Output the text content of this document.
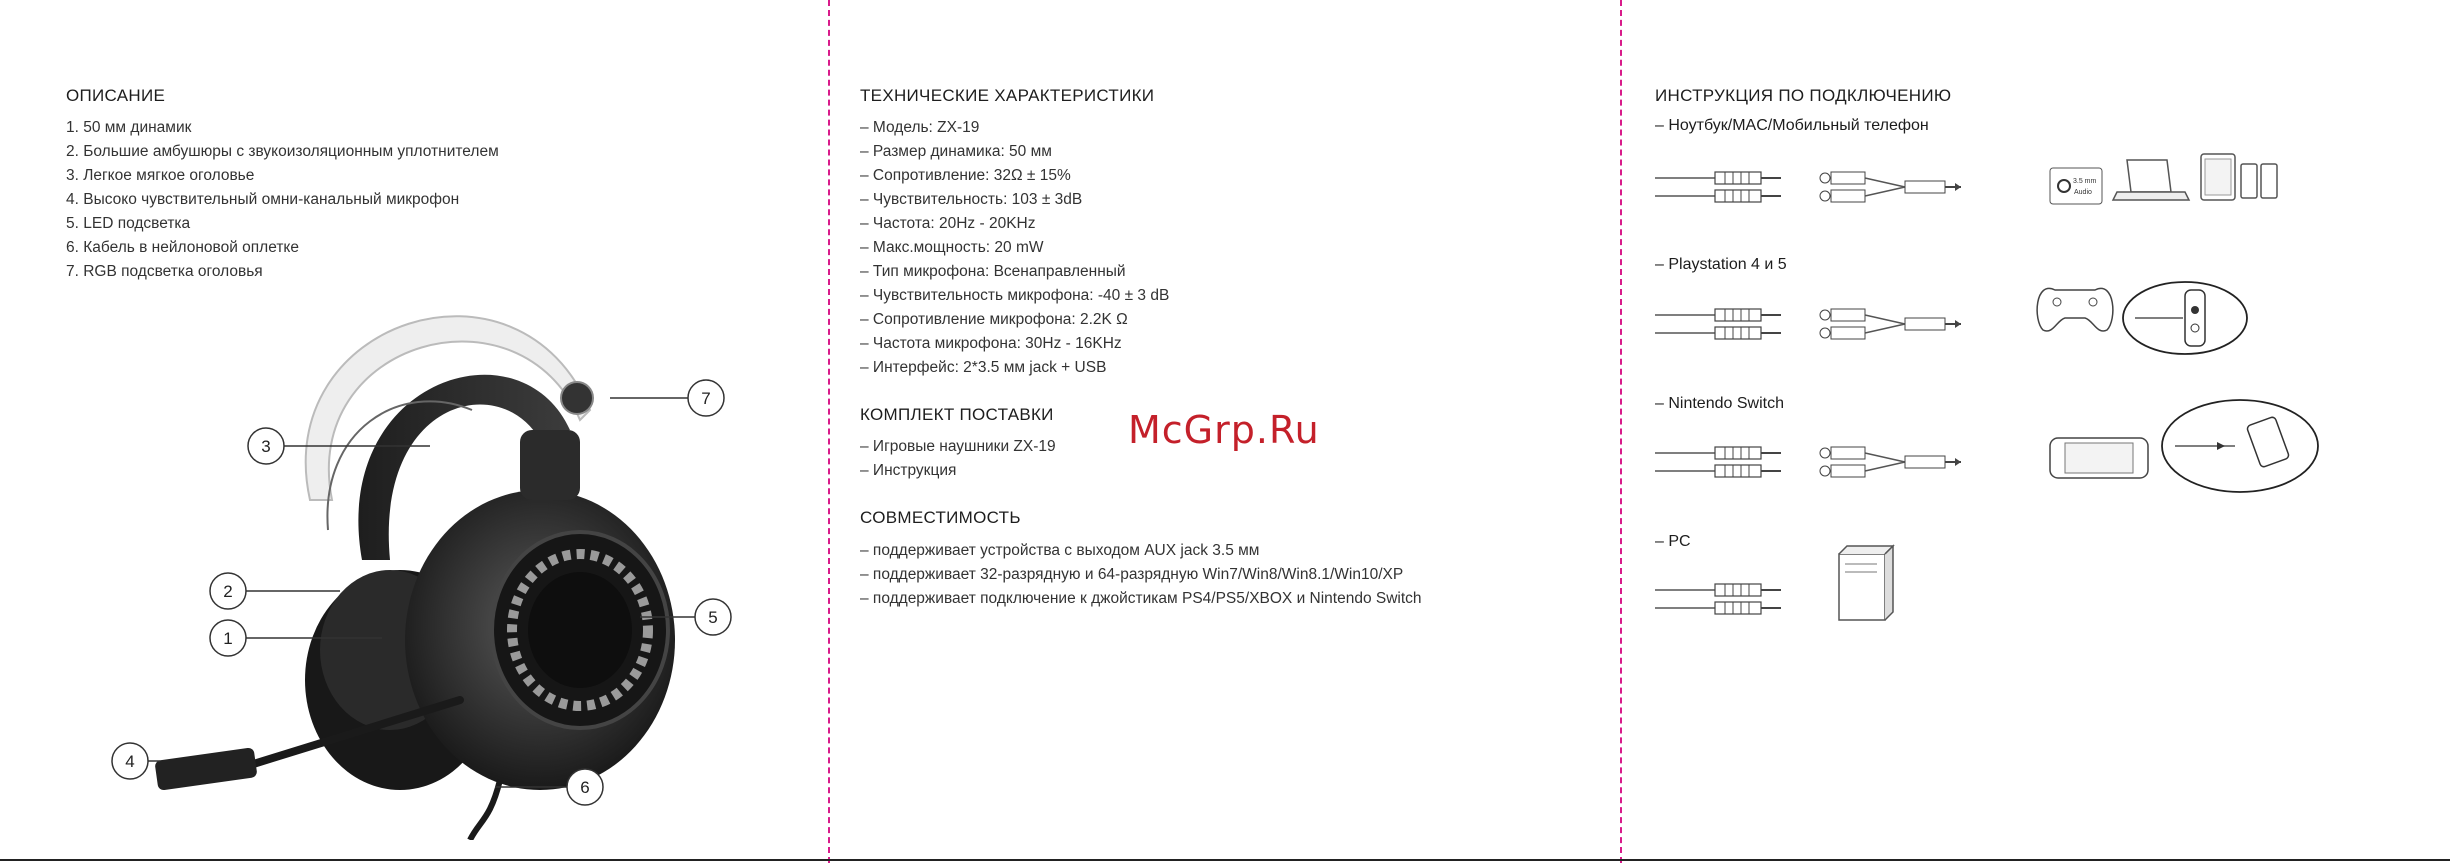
ОПИСАНИЕ
1. 50 мм динамик
2. Большие амбушюры с звукоизоляционным уплотнителем
3. Легкое мягкое оголовье
4. Высоко чувствительный омни-канальный микрофон
5. LED подсветка
6. Кабель в нейлоновой оплетке
7. RGB подсветка оголовья
3
2
1
4
5
6
7
ТЕХНИЧЕСКИЕ ХАРАКТЕРИСТИКИ
– Модель: ZX-19
– Размер динамика: 50 мм
– Сопротивление: 32Ω ± 15%
– Чувствительность: 103 ± 3dB
– Частота: 20Hz - 20KHz
– Макс.мощность: 20 mW
– Тип микрофона: Всенаправленный
– Чувствительность микрофона: -40 ± 3 dB
– Сопротивление микрофона: 2.2K Ω
– Частота микрофона: 30Hz - 16KHz
– Интерфейс: 2*3.5 мм jack + USB
КОМПЛЕКТ ПОСТАВКИ
– Игровые наушники ZX-19
– Инструкция
СОВМЕСТИМОСТЬ
– поддерживает устройства с выходом AUX jack 3.5 мм
– поддерживает 32-разрядную и 64-разрядную Win7/Win8/Win8.1/Win10/XP
– поддерживает подключение к джойстикам PS4/PS5/XBOX и Nintendo Switch
McGrp.Ru
ИНСТРУКЦИЯ ПО ПОДКЛЮЧЕНИЮ

– Ноутбук/MAC/Мобильный телефон

– Playstation 4 и 5

– Nintendo Switch

– PC

3.5 mm
Audio
